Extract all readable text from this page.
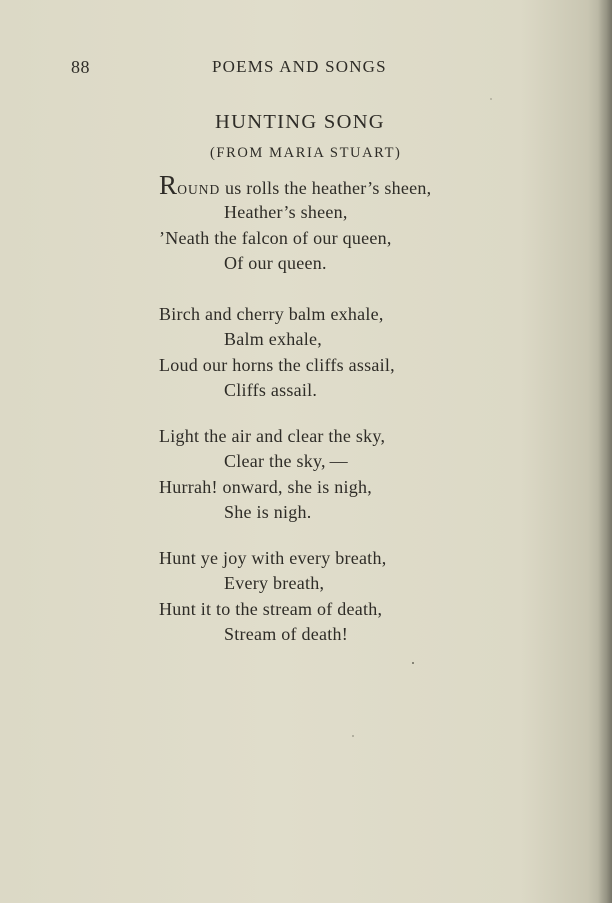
88	POEMS AND SONGS

HUNTING SONG

(FROM MARIA STUART)

ROUND us rolls the heather’s sheen,
Heather’s sheen,
’Neath the falcon of our queen,
Of our queen.
Birch and cherry balm exhale,
Balm exhale,
Loud our horns the cliffs assail,
Cliffs assail.
Light the air and clear the sky,
Clear the sky, —
Hurrah! onward, she is nigh,
She is nigh.
Hunt ye joy with every breath,
Every breath,
Hunt it to the stream of death,
Stream of death!
